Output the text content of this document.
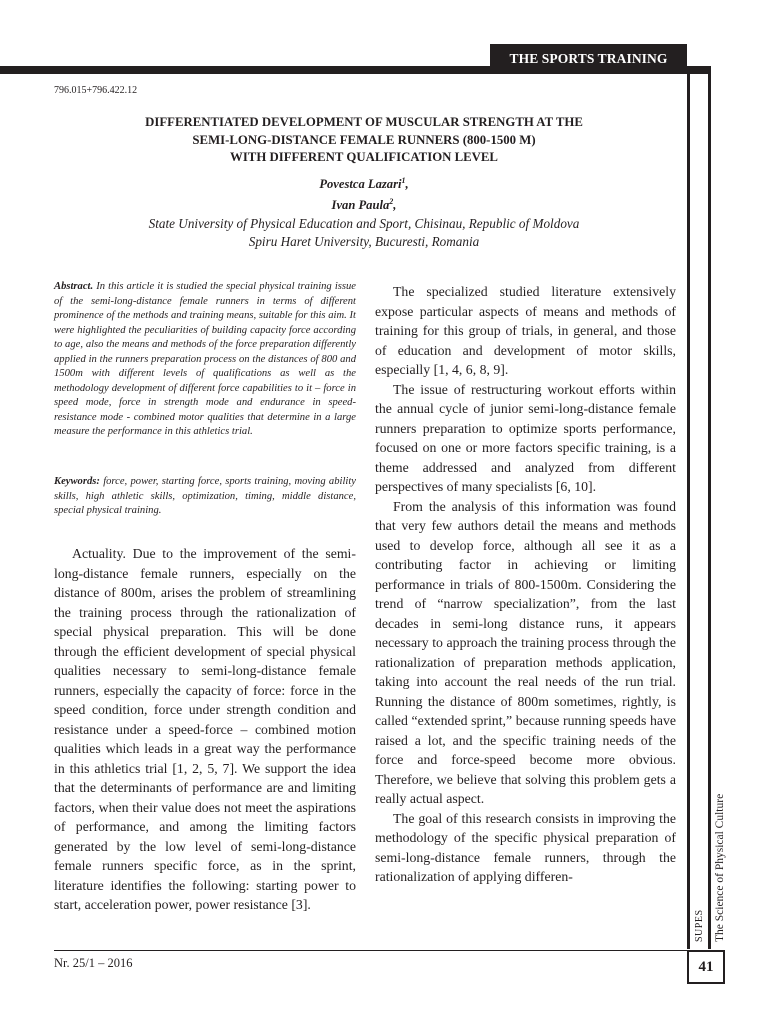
THE SPORTS TRAINING
The Science of Physical Culture
SUPES
796.015+796.422.12
DIFFERENTIATED DEVELOPMENT OF MUSCULAR STRENGTH AT THE
SEMI-LONG-DISTANCE FEMALE RUNNERS (800-1500 M)
WITH DIFFERENT QUALIFICATION LEVEL
Povestca Lazari$^1$,
Ivan Paula$^2$,
State University of Physical Education and Sport, Chisinau, Republic of Moldova
Spiru Haret University, Bucuresti, Romania
Abstract. In this article it is studied the special physical training issue of the semi-long-distance female runners in terms of different prominence of the methods and training means, suitable for this aim. It were highlighted the peculiarities of building capacity force according to age, also the means and methods of the force preparation differently applied in the runners preparation process on the distances of 800 and 1500m with different levels of qualifications as well as the methodology development of different force capabilities to it – force in speed mode, force in strength mode and endurance in speed- resistance mode - combined motor qualities that determine in a large measure the performance in this athletics trial.
Keywords: force, power, starting force, sports training, moving ability skills, high athletic skills, optimization, timing, middle distance, special physical training.

Actuality. Due to the improvement of the semi-long-distance female runners, especially on the distance of 800m, arises the problem of streamlining the training process through the rationalization of special physical preparation. This will be done through the efficient development of special physical qualities necessary to semi-long-distance female runners, especially the capacity of force: force in the speed condition, force under strength condition and resistance under a speed-force – combined motion qualities which leads in a great way the performance in this athletics trial [1, 2, 5, 7]. We support the idea that the determinants of performance are and limiting factors, when their value does not meet the aspirations of performance, and among the limiting factors generated by the low level of semi-long-distance female runners specific force, as in the sprint, literature identifies the following: starting power to start, acceleration power, power resistance [3].

The specialized studied literature extensively expose particular aspects of means and methods of training for this group of trials, in general, and those of education and development of motor skills, especially [1, 4, 6, 8, 9].

The issue of restructuring workout efforts within the annual cycle of junior semi-long-distance female runners preparation to optimize sports performance, focused on one or more factors specific training, is a theme addressed and analyzed from different perspectives of many specialists [6, 10].

From the analysis of this information was found that very few authors detail the means and methods used to develop force, although all see it as a contributing factor in achieving or limiting performance in trials of 800-1500m. Considering the trend of “narrow specialization”, from the last decades in semi-long distance runs, it appears necessary to approach the training process through the rationalization of preparation methods application, taking into account the real needs of the run trial. Running the distance of 800m sometimes, rightly, is called “extended sprint,” because running speeds have raised a lot, and the specific training needs of the force and force-speed become more obvious. Therefore, we believe that solving this problem gets a really actual aspect.

The goal of this research consists in improving the methodology of the specific physical preparation of semi-long-distance female runners, through the rationalization of applying differen-

Nr. 25/1 – 2016	41
